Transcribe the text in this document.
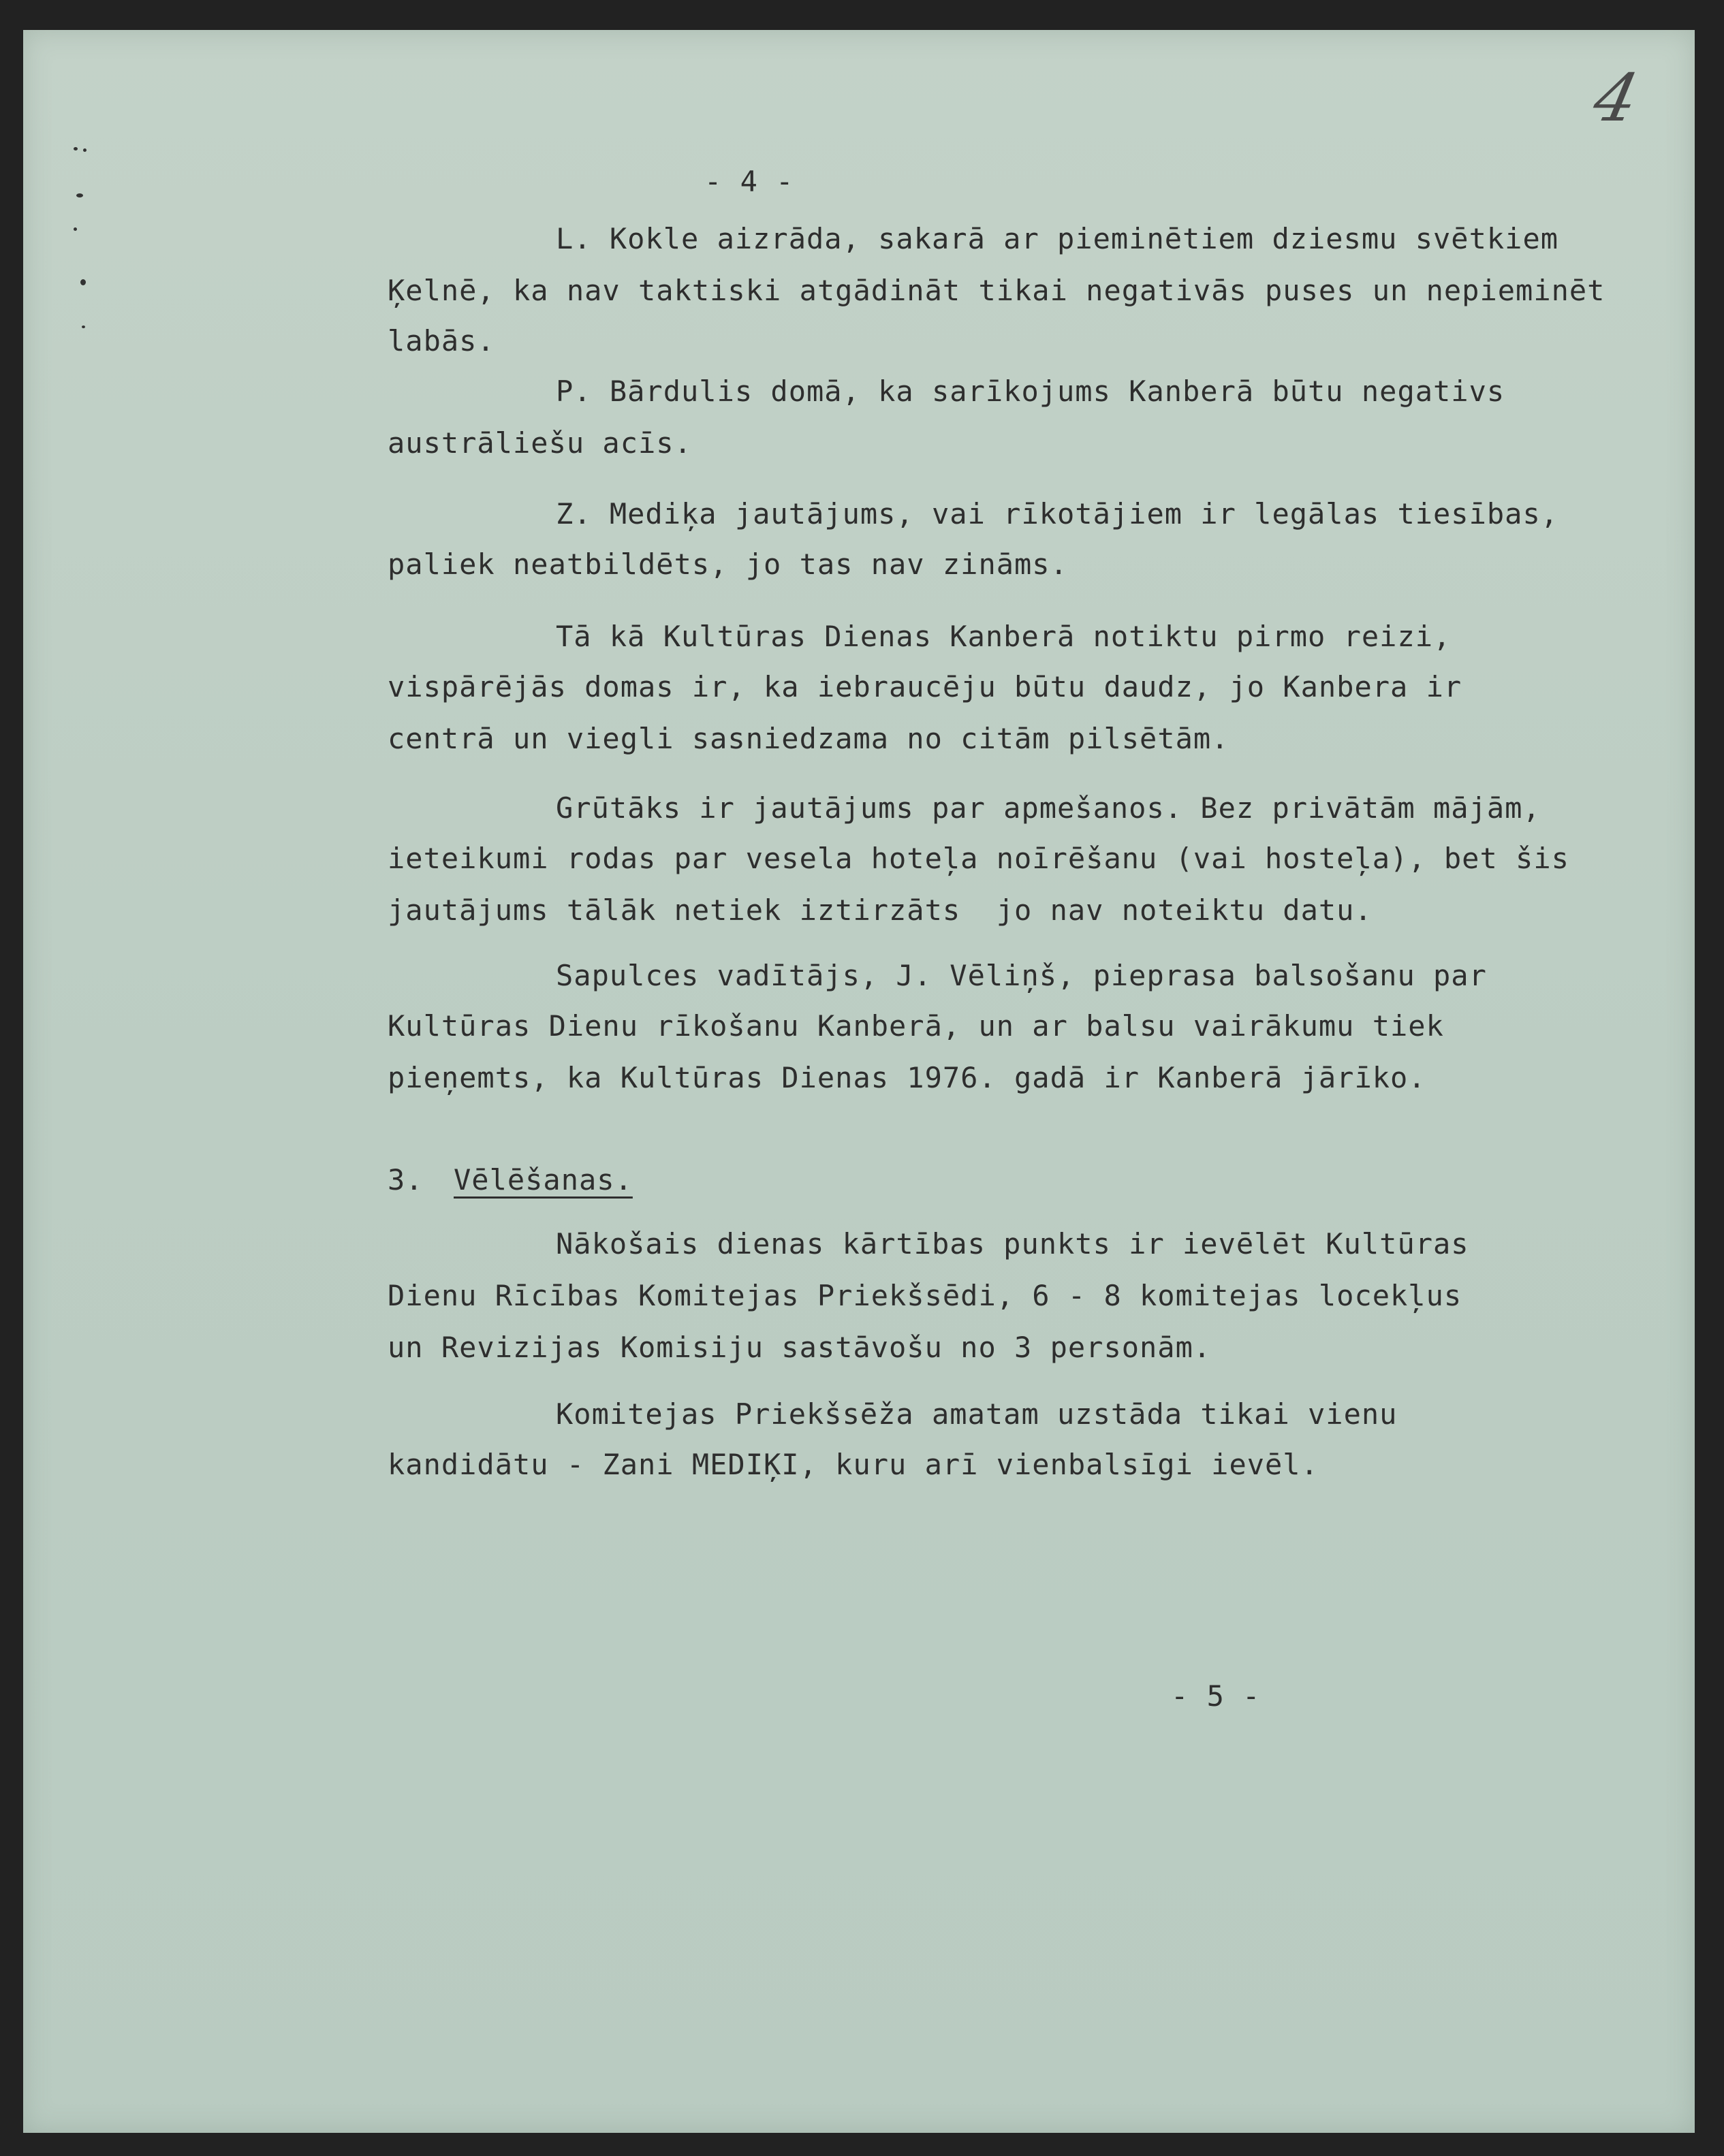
4
- 4 -
L. Kokle aizrāda, sakarā ar pieminētiem dziesmu svētkiem
Ķelnē, ka nav taktiski atgādināt tikai negativās puses un nepieminēt
labās.
P. Bārdulis domā, ka sarīkojums Kanberā būtu negativs
austrāliešu acīs.
Z. Mediķa jautājums, vai rīkotājiem ir legālas tiesības,
paliek neatbildēts, jo tas nav zināms.
Tā kā Kultūras Dienas Kanberā notiktu pirmo reizi,
vispārējās domas ir, ka iebraucēju būtu daudz, jo Kanbera ir
centrā un viegli sasniedzama no citām pilsētām.
Grūtāks ir jautājums par apmešanos. Bez privātām mājām,
ieteikumi rodas par vesela hoteļa noīrēšanu (vai hosteļa), bet šis
jautājums tālāk netiek iztirzāts  jo nav noteiktu datu.
Sapulces vadītājs, J. Vēliņš, pieprasa balsošanu par
Kultūras Dienu rīkošanu Kanberā, un ar balsu vairākumu tiek
pieņemts, ka Kultūras Dienas 1976. gadā ir Kanberā jārīko.
3. Vēlēšanas.
Nākošais dienas kārtības punkts ir ievēlēt Kultūras
Dienu Rīcības Komitejas Priekšsēdi, 6 - 8 komitejas locekļus
un Revizijas Komisiju sastāvošu no 3 personām.
Komitejas Priekšsēža amatam uzstāda tikai vienu
kandidātu - Zani MEDIĶI, kuru arī vienbalsīgi ievēl.
- 5 -
